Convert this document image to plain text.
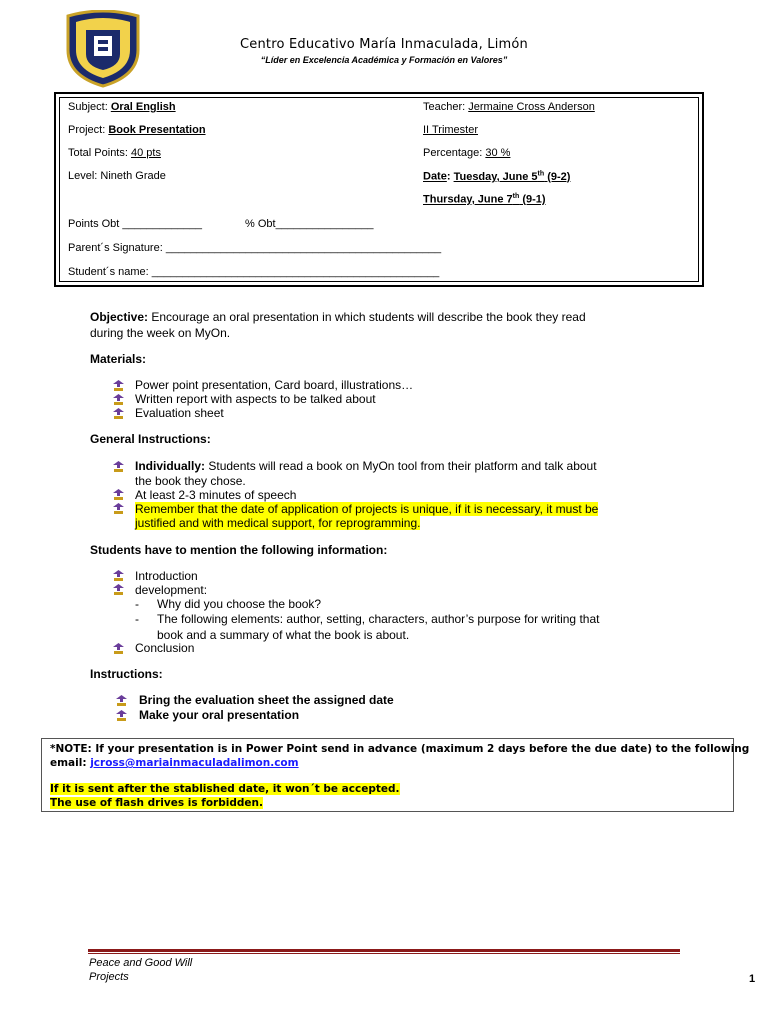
Centro Educativo María Inmaculada, Limón
“Líder en Excelencia Académica y Formación en Valores”
Subject: Oral English	Teacher: Jermaine Cross Anderson
Project: Book Presentation	II Trimester
Total Points: 40 pts	Percentage: 30 %
Level: Nineth Grade	Date: Tuesday, June 5th (9-2)
Thursday, June 7th (9-1)
Points Obt _____________	% Obt________________
Parent´s Signature: _____________________________________________
Student´s name: _______________________________________________
Objective: Encourage an oral presentation in which students will describe the book they read
during the week on MyOn.
Materials:
Power point presentation, Card board, illustrations…
Written report with aspects to be talked about
Evaluation sheet
General Instructions:
Individually: Students will read a book on MyOn tool from their platform and talk about
the book they chose.
At least 2-3 minutes of speech
Remember that the date of application of projects is unique, if it is necessary, it must be
justified and with medical support, for reprogramming.
Students have to mention the following information:
Introduction
development:
- Why did you choose the book?
- The following elements: author, setting, characters, author’s purpose for writing that
book and a summary of what the book is about.
Conclusion
Instructions:
Bring the evaluation sheet the assigned date
Make your oral presentation
*NOTE: If your presentation is in Power Point send in advance (maximum 2 days before the due date) to the following
email: jcross@mariainmaculadalimon.com
If it is sent after the stablished date, it won´t be accepted.
The use of flash drives is forbidden.
Peace and Good Will
Projects	1
